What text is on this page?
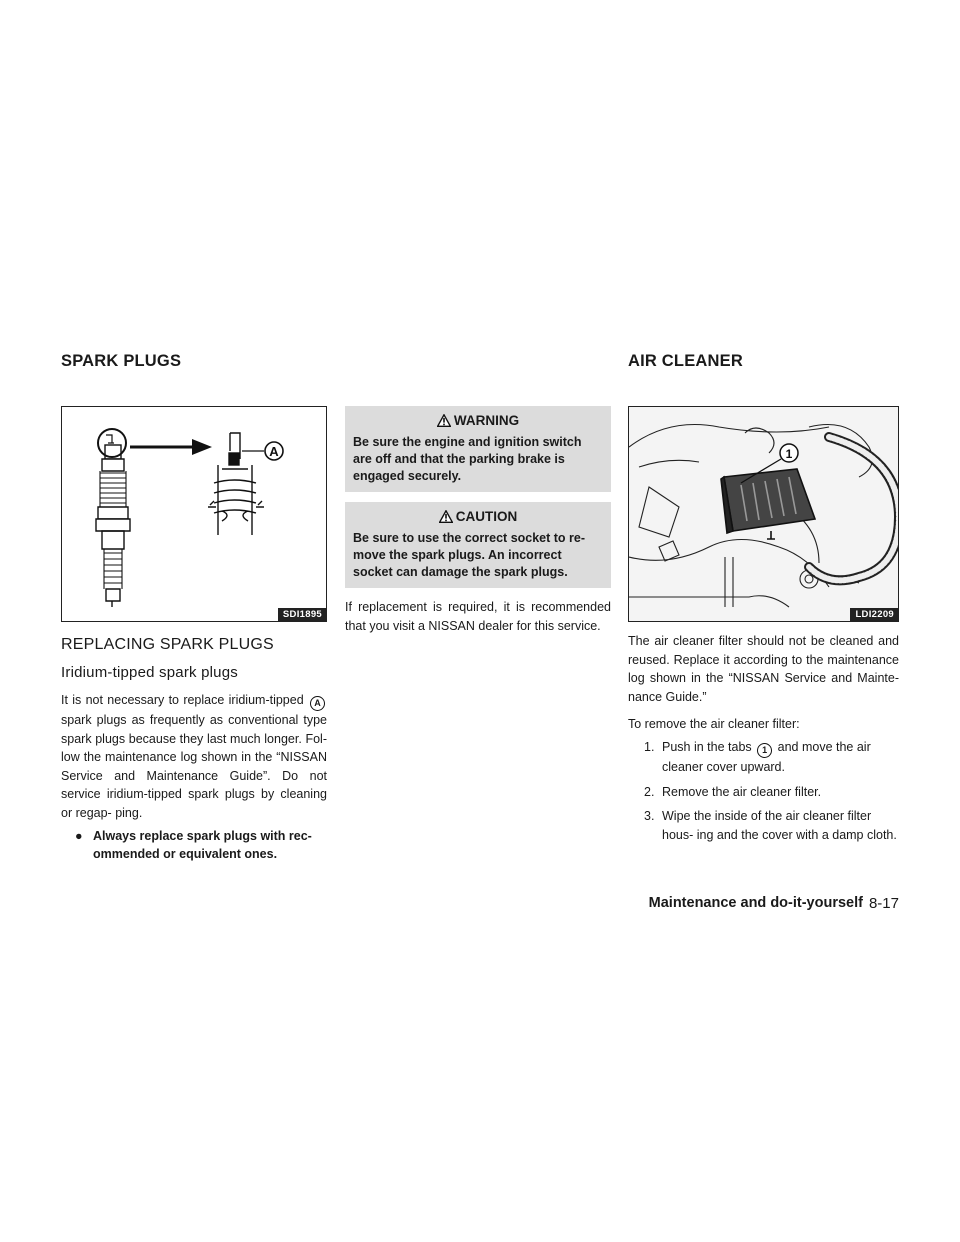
SPARK PLUGS	AIR CLEANER
A
SDI1895
REPLACING SPARK PLUGS
Iridium-tipped spark plugs

It is not necessary to replace iridium-tipped A spark plugs as frequently as conventional type spark plugs because they last much longer. Fol- low the maintenance log shown in the “NISSAN Service and Maintenance Guide”. Do not service iridium-tipped spark plugs by cleaning or regap- ping.

● Always replace spark plugs with rec- ommended or equivalent ones.
WARNING
Be sure the engine and ignition switch are off and that the parking brake is engaged securely.
CAUTION
Be sure to use the correct socket to re- move the spark plugs. An incorrect socket can damage the spark plugs.

If replacement is required, it is recommended that you visit a NISSAN dealer for this service.

1
LDI2209

The air cleaner filter should not be cleaned and reused. Replace it according to the maintenance log shown in the “NISSAN Service and Mainte- nance Guide.”

To remove the air cleaner filter:

1. Push in the tabs 1 and move the air cleaner cover upward.
2. Remove the air cleaner filter.
3. Wipe the inside of the air cleaner filter hous- ing and the cover with a damp cloth.
Maintenance and do-it-yourself 8-17
